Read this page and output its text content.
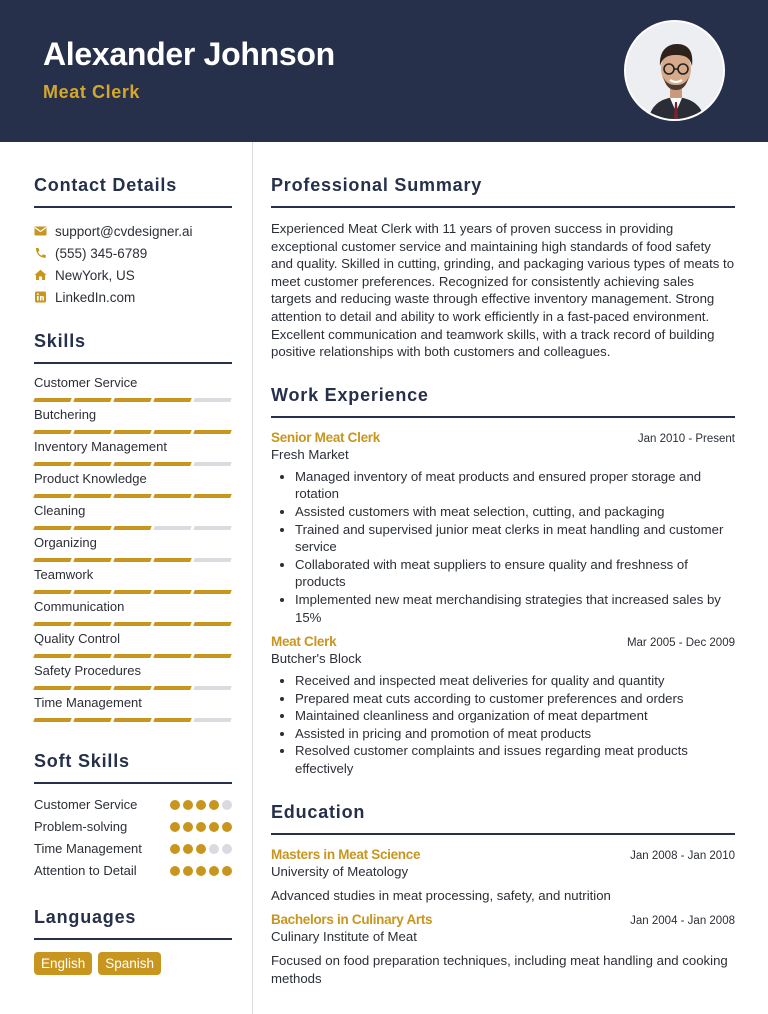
Alexander Johnson
Meat Clerk
Contact Details
support@cvdesigner.ai
(555) 345-6789
NewYork, US
LinkedIn.com
Skills
Customer Service
Butchering
Inventory Management
Product Knowledge
Cleaning
Organizing
Teamwork
Communication
Quality Control
Safety Procedures
Time Management
Soft Skills
Customer Service
Problem-solving
Time Management
Attention to Detail
Languages
English	Spanish
Professional Summary

Experienced Meat Clerk with 11 years of proven success in providing exceptional customer service and maintaining high standards of food safety and quality. Skilled in cutting, grinding, and packaging various types of meats to meet customer preferences. Recognized for consistently achieving sales targets and reducing waste through effective inventory management. Strong attention to detail and ability to work efficiently in a fast-paced environment. Excellent communication and teamwork skills, with a track record of building positive relationships with both customers and colleagues.

Work Experience
Senior Meat Clerk	Jan 2010 - Present
Fresh Market
• Managed inventory of meat products and ensured proper storage and rotation
• Assisted customers with meat selection, cutting, and packaging
• Trained and supervised junior meat clerks in meat handling and customer service
• Collaborated with meat suppliers to ensure quality and freshness of products
• Implemented new meat merchandising strategies that increased sales by 15%
Meat Clerk	Mar 2005 - Dec 2009
Butcher's Block
• Received and inspected meat deliveries for quality and quantity
• Prepared meat cuts according to customer preferences and orders
• Maintained cleanliness and organization of meat department
• Assisted in pricing and promotion of meat products
• Resolved customer complaints and issues regarding meat products effectively
Education
Masters in Meat Science	Jan 2008 - Jan 2010
University of Meatology
Advanced studies in meat processing, safety, and nutrition
Bachelors in Culinary Arts	Jan 2004 - Jan 2008
Culinary Institute of Meat
Focused on food preparation techniques, including meat handling and cooking methods
